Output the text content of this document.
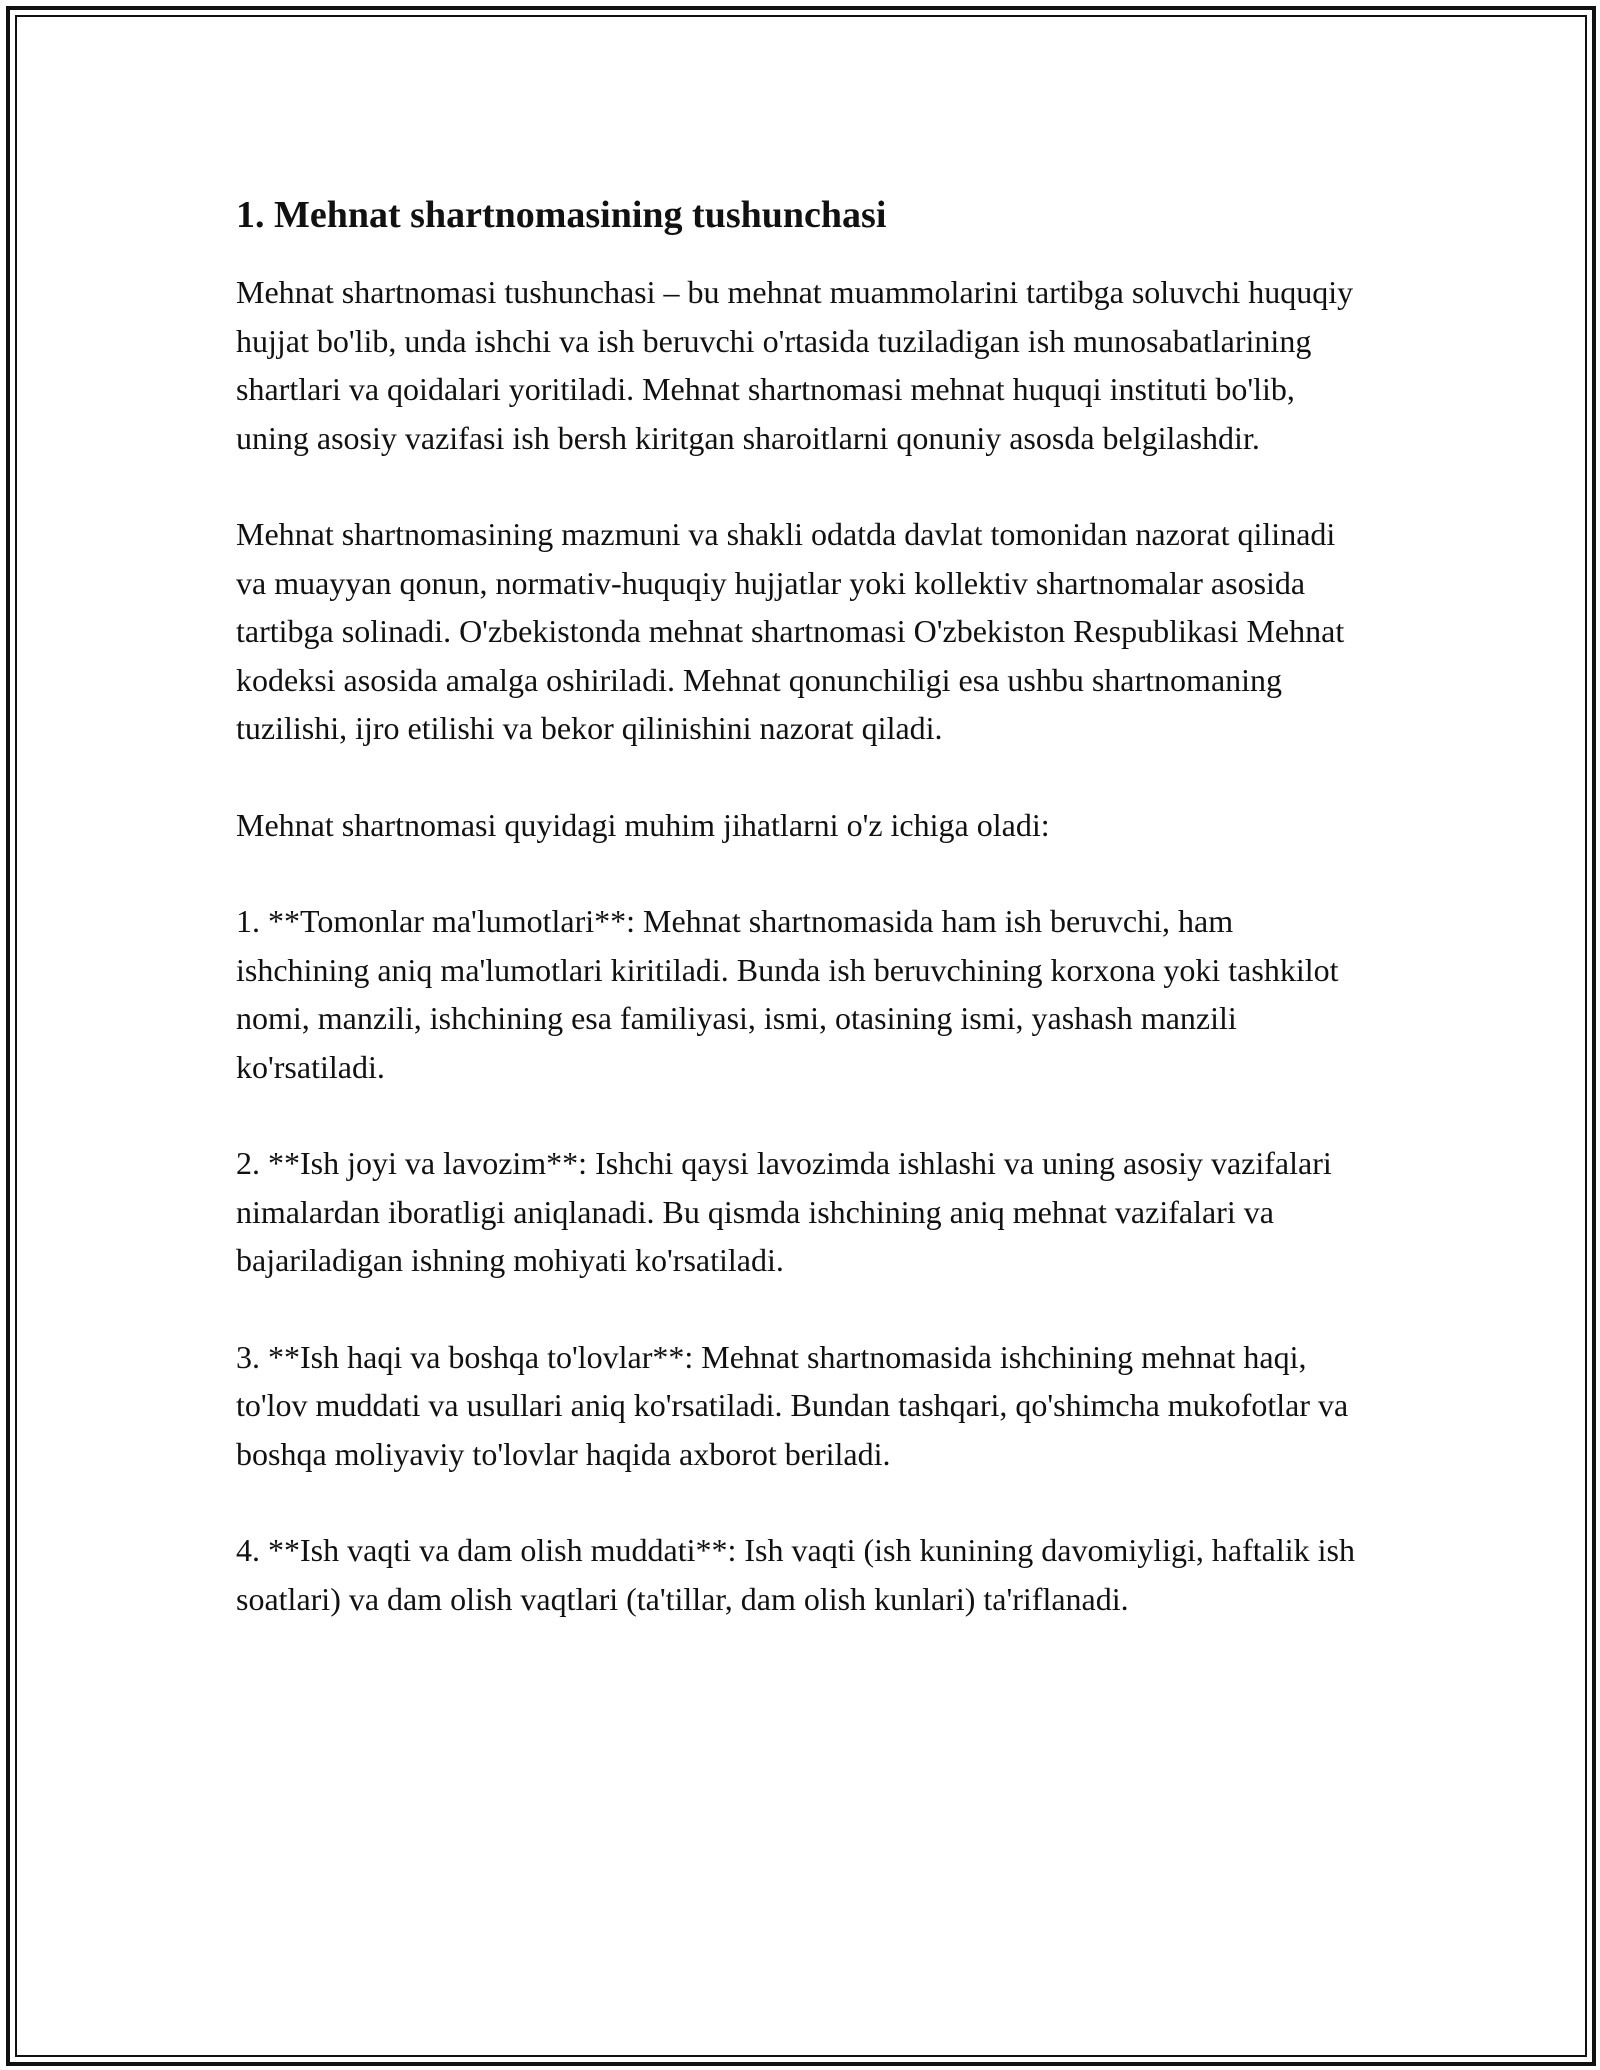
1. Mehnat shartnomasining tushunchasi

Mehnat shartnomasi tushunchasi – bu mehnat muammolarini tartibga soluvchi huquqiy hujjat bo'lib, unda ishchi va ish beruvchi o'rtasida tuziladigan ish munosabatlarining shartlari va qoidalari yoritiladi. Mehnat shartnomasi mehnat huquqi instituti bo'lib, uning asosiy vazifasi ish bersh kiritgan sharoitlarni qonuniy asosda belgilashdir.

Mehnat shartnomasining mazmuni va shakli odatda davlat tomonidan nazorat qilinadi va muayyan qonun, normativ-huquqiy hujjatlar yoki kollektiv shartnomalar asosida tartibga solinadi. O'zbekistonda mehnat shartnomasi O'zbekiston Respublikasi Mehnat kodeksi asosida amalga oshiriladi. Mehnat qonunchiligi esa ushbu shartnomaning tuzilishi, ijro etilishi va bekor qilinishini nazorat qiladi.

Mehnat shartnomasi quyidagi muhim jihatlarni o'z ichiga oladi:

1. **Tomonlar ma'lumotlari**: Mehnat shartnomasida ham ish beruvchi, ham ishchining aniq ma'lumotlari kiritiladi. Bunda ish beruvchining korxona yoki tashkilot nomi, manzili, ishchining esa familiyasi, ismi, otasining ismi, yashash manzili ko'rsatiladi.

2. **Ish joyi va lavozim**: Ishchi qaysi lavozimda ishlashi va uning asosiy vazifalari nimalardan iboratligi aniqlanadi. Bu qismda ishchining aniq mehnat vazifalari va bajariladigan ishning mohiyati ko'rsatiladi.

3. **Ish haqi va boshqa to'lovlar**: Mehnat shartnomasida ishchining mehnat haqi, to'lov muddati va usullari aniq ko'rsatiladi. Bundan tashqari, qo'shimcha mukofotlar va boshqa moliyaviy to'lovlar haqida axborot beriladi.

4. **Ish vaqti va dam olish muddati**: Ish vaqti (ish kunining davomiyligi, haftalik ish soatlari) va dam olish vaqtlari (ta'tillar, dam olish kunlari) ta'riflanadi.
